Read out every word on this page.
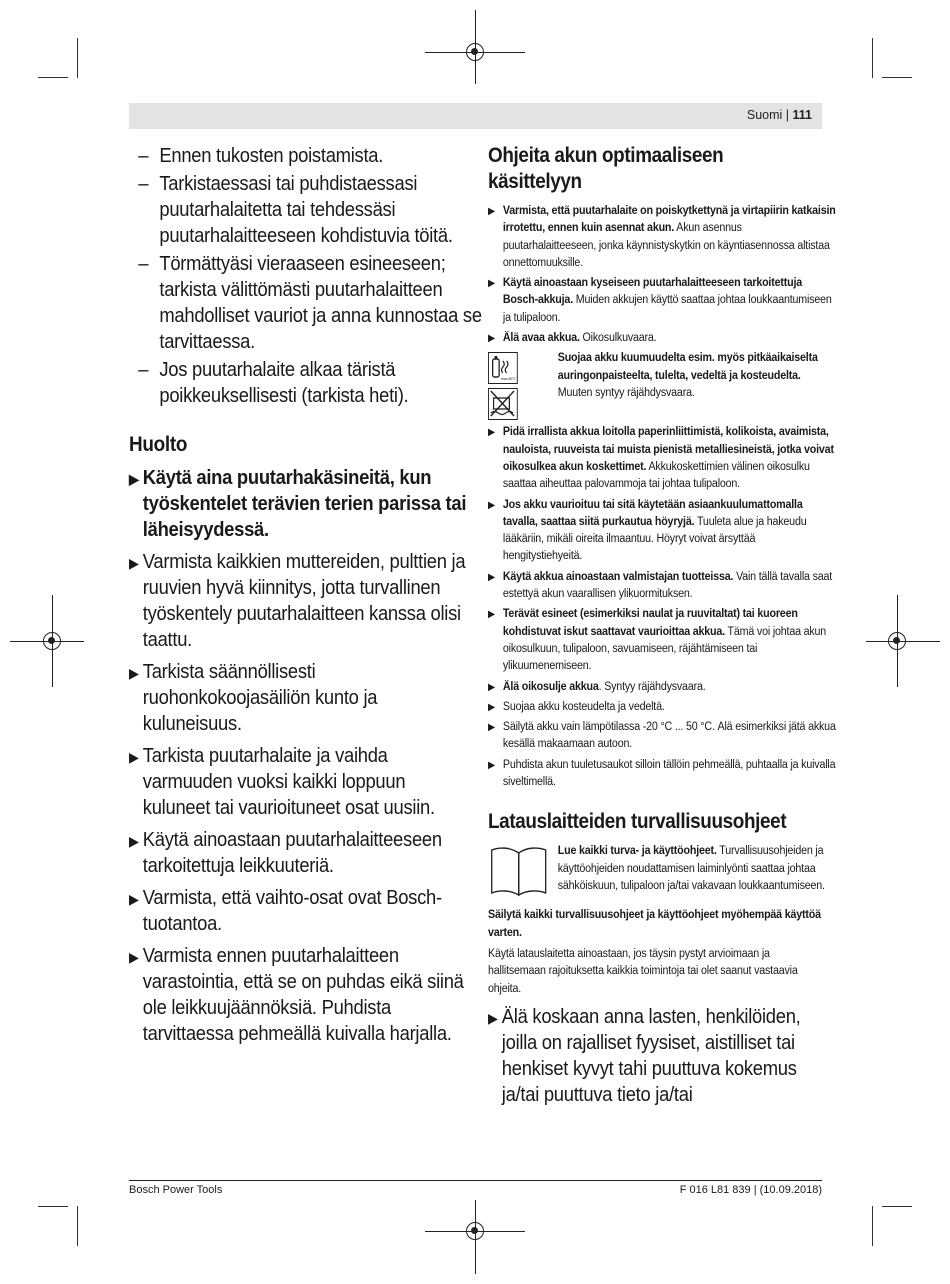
Suomi | 111
– Ennen tukosten poistamista.
– Tarkistaessasi tai puhdistaessasi puutarhalaitetta tai tehdessäsi puutarhalaitteeseen kohdistuvia töitä.
– Törmättyäsi vieraaseen esineeseen; tarkista välittömästi puutarhalaitteen mahdolliset vauriot ja anna kunnostaa se tarvittaessa.
– Jos puutarhalaite alkaa täristä poikkeuksellisesti (tarkista heti).
Huolto
▶ Käytä aina puutarhakäsineitä, kun työskentelet terävien terien parissa tai läheisyydessä.
▶ Varmista kaikkien muttereiden, pulttien ja ruuvien hyvä kiinnitys, jotta turvallinen työskentely puutarhalaitteen kanssa olisi taattu.
▶ Tarkista säännöllisesti ruohonkokoojasäiliön kunto ja kuluneisuus.
▶ Tarkista puutarhalaite ja vaihda varmuuden vuoksi kaikki loppuun kuluneet tai vaurioituneet osat uusiin.
▶ Käytä ainoastaan puutarhalaitteeseen tarkoitettuja leikkuuteriä.
▶ Varmista, että vaihto-osat ovat Bosch-tuotantoa.
▶ Varmista ennen puutarhalaitteen varastointia, että se on puhdas eikä siinä ole leikkuujäännöksiä. Puhdista tarvittaessa pehmeällä kuivalla harjalla.
Ohjeita akun optimaaliseen käsittelyyn
▶ Varmista, että puutarhalaite on poiskytkettynä ja virtapiirin katkaisin irrotettu, ennen kuin asennat akun. Akun asennus puutarhalaitteeseen, jonka käynnistyskytkin on käyntiasennossa altistaa onnettomuuksille.
▶ Käytä ainoastaan kyseiseen puutarhalaitteeseen tarkoitettuja Bosch-akkuja. Muiden akkujen käyttö saattaa johtaa loukkaantumiseen ja tulipaloon.
▶ Älä avaa akkua. Oikosulkuvaara.
max.50°C
Suojaa akku kuumuudelta esim. myös pitkäaikaiselta auringonpaisteelta, tulelta, vedeltä ja kosteudelta. Muuten syntyy räjähdysvaara.
▶ Pidä irrallista akkua loitolla paperinliittimistä, kolikoista, avaimista, nauloista, ruuveista tai muista pienistä metalliesineistä, jotka voivat oikosulkea akun koskettimet. Akkukoskettimien välinen oikosulku saattaa aiheuttaa palovammoja tai johtaa tulipaloon.
▶ Jos akku vaurioituu tai sitä käytetään asiaankuulumattomalla tavalla, saattaa siitä purkautua höyryjä. Tuuleta alue ja hakeudu lääkäriin, mikäli oireita ilmaantuu. Höyryt voivat ärsyttää hengitystiehyeitä.
▶ Käytä akkua ainoastaan valmistajan tuotteissa. Vain tällä tavalla saat estettyä akun vaarallisen ylikuormituksen.
▶ Terävät esineet (esimerkiksi naulat ja ruuvitaltat) tai kuoreen kohdistuvat iskut saattavat vaurioittaa akkua. Tämä voi johtaa akun oikosulkuun, tulipaloon, savuamiseen, räjähtämiseen tai ylikuumenemiseen.
▶ Älä oikosulje akkua. Syntyy räjähdysvaara.
▶ Suojaa akku kosteudelta ja vedeltä.
▶ Säilytä akku vain lämpötilassa -20 °C ... 50 °C. Älä esimerkiksi jätä akkua kesällä makaamaan autoon.
▶ Puhdista akun tuuletusaukot silloin tällöin pehmeällä, puhtaalla ja kuivalla siveltimellä.
Latauslaitteiden turvallisuusohjeet
Lue kaikki turva- ja käyttöohjeet. Turvallisuusohjeiden ja käyttöohjeiden noudattamisen laiminlyönti saattaa johtaa sähköiskuun, tulipaloon ja/tai vakavaan loukkaantumiseen.
Säilytä kaikki turvallisuusohjeet ja käyttöohjeet myöhempää käyttöä varten.
Käytä latauslaitetta ainoastaan, jos täysin pystyt arvioimaan ja hallitsemaan rajoituksetta kaikkia toimintoja tai olet saanut vastaavia ohjeita.
▶ Älä koskaan anna lasten, henkilöiden, joilla on rajalliset fyysiset, aistilliset tai henkiset kyvyt tahi puuttuva kokemus ja/tai puuttuva tieto ja/tai
Bosch Power Tools	F 016 L81 839 | (10.09.2018)
